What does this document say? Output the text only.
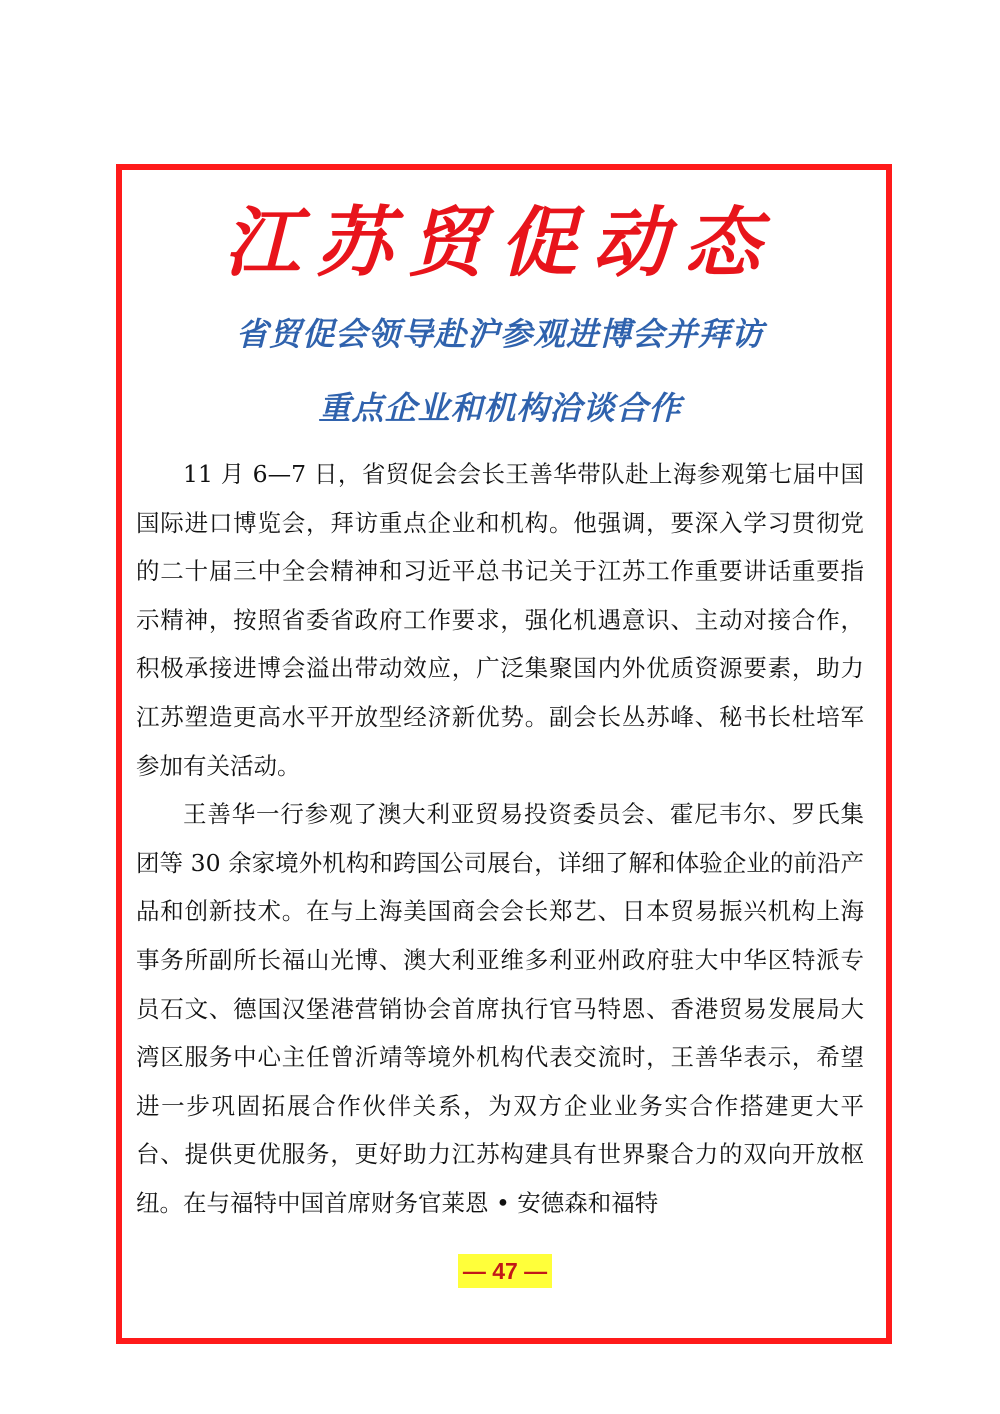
江苏贸促动态
省贸促会领导赴沪参观进博会并拜访
重点企业和机构洽谈合作

11 月 6—7 日，省贸促会会长王善华带队赴上海参观第七届中国国际进口博览会，拜访重点企业和机构。他强调，要深入学习贯彻党的二十届三中全会精神和习近平总书记关于江苏工作重要讲话重要指示精神，按照省委省政府工作要求，强化机遇意识、主动对接合作，积极承接进博会溢出带动效应，广泛集聚国内外优质资源要素，助力江苏塑造更高水平开放型经济新优势。副会长丛苏峰、秘书长杜培军参加有关活动。

王善华一行参观了澳大利亚贸易投资委员会、霍尼韦尔、罗氏集团等 30 余家境外机构和跨国公司展台，详细了解和体验企业的前沿产品和创新技术。在与上海美国商会会长郑艺、日本贸易振兴机构上海事务所副所长福山光博、澳大利亚维多利亚州政府驻大中华区特派专员石文、德国汉堡港营销协会首席执行官马特恩、香港贸易发展局大湾区服务中心主任曾沂靖等境外机构代表交流时，王善华表示，希望进一步巩固拓展合作伙伴关系，为双方企业业务实合作搭建更大平台、提供更优服务，更好助力江苏构建具有世界聚合力的双向开放枢纽。在与福特中国首席财务官莱恩 • 安德森和福特

— 47 —
